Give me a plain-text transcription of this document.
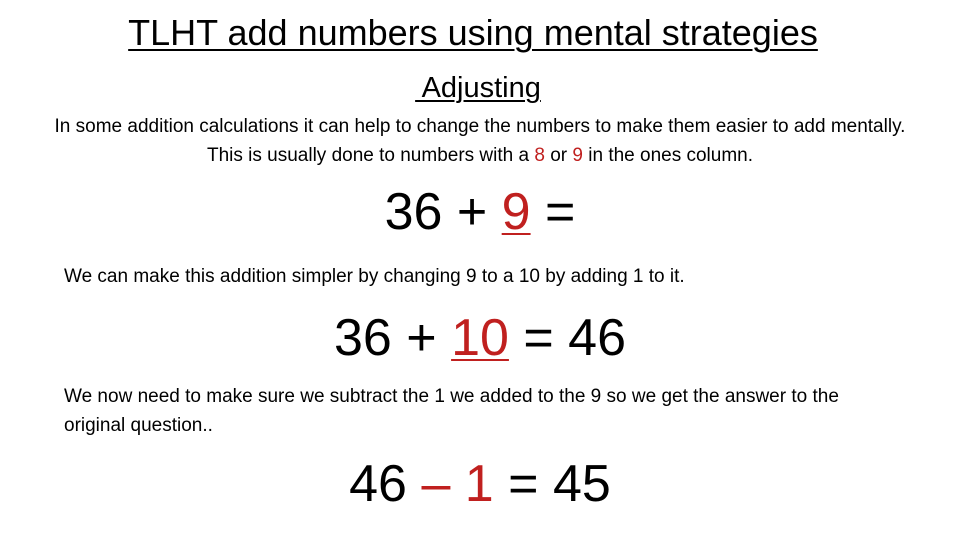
TLHT add numbers using mental strategies
Adjusting
In some addition calculations it can help to change the numbers to make them easier to add mentally. This is usually done to numbers with a 8 or 9 in the ones column.
36 + 9 =
We can make this addition simpler by changing 9 to a 10 by adding 1 to it.
36 + 10 = 46
We now need to make sure we subtract the 1 we added to the 9 so we get the answer to the original question..
46 – 1 = 45
